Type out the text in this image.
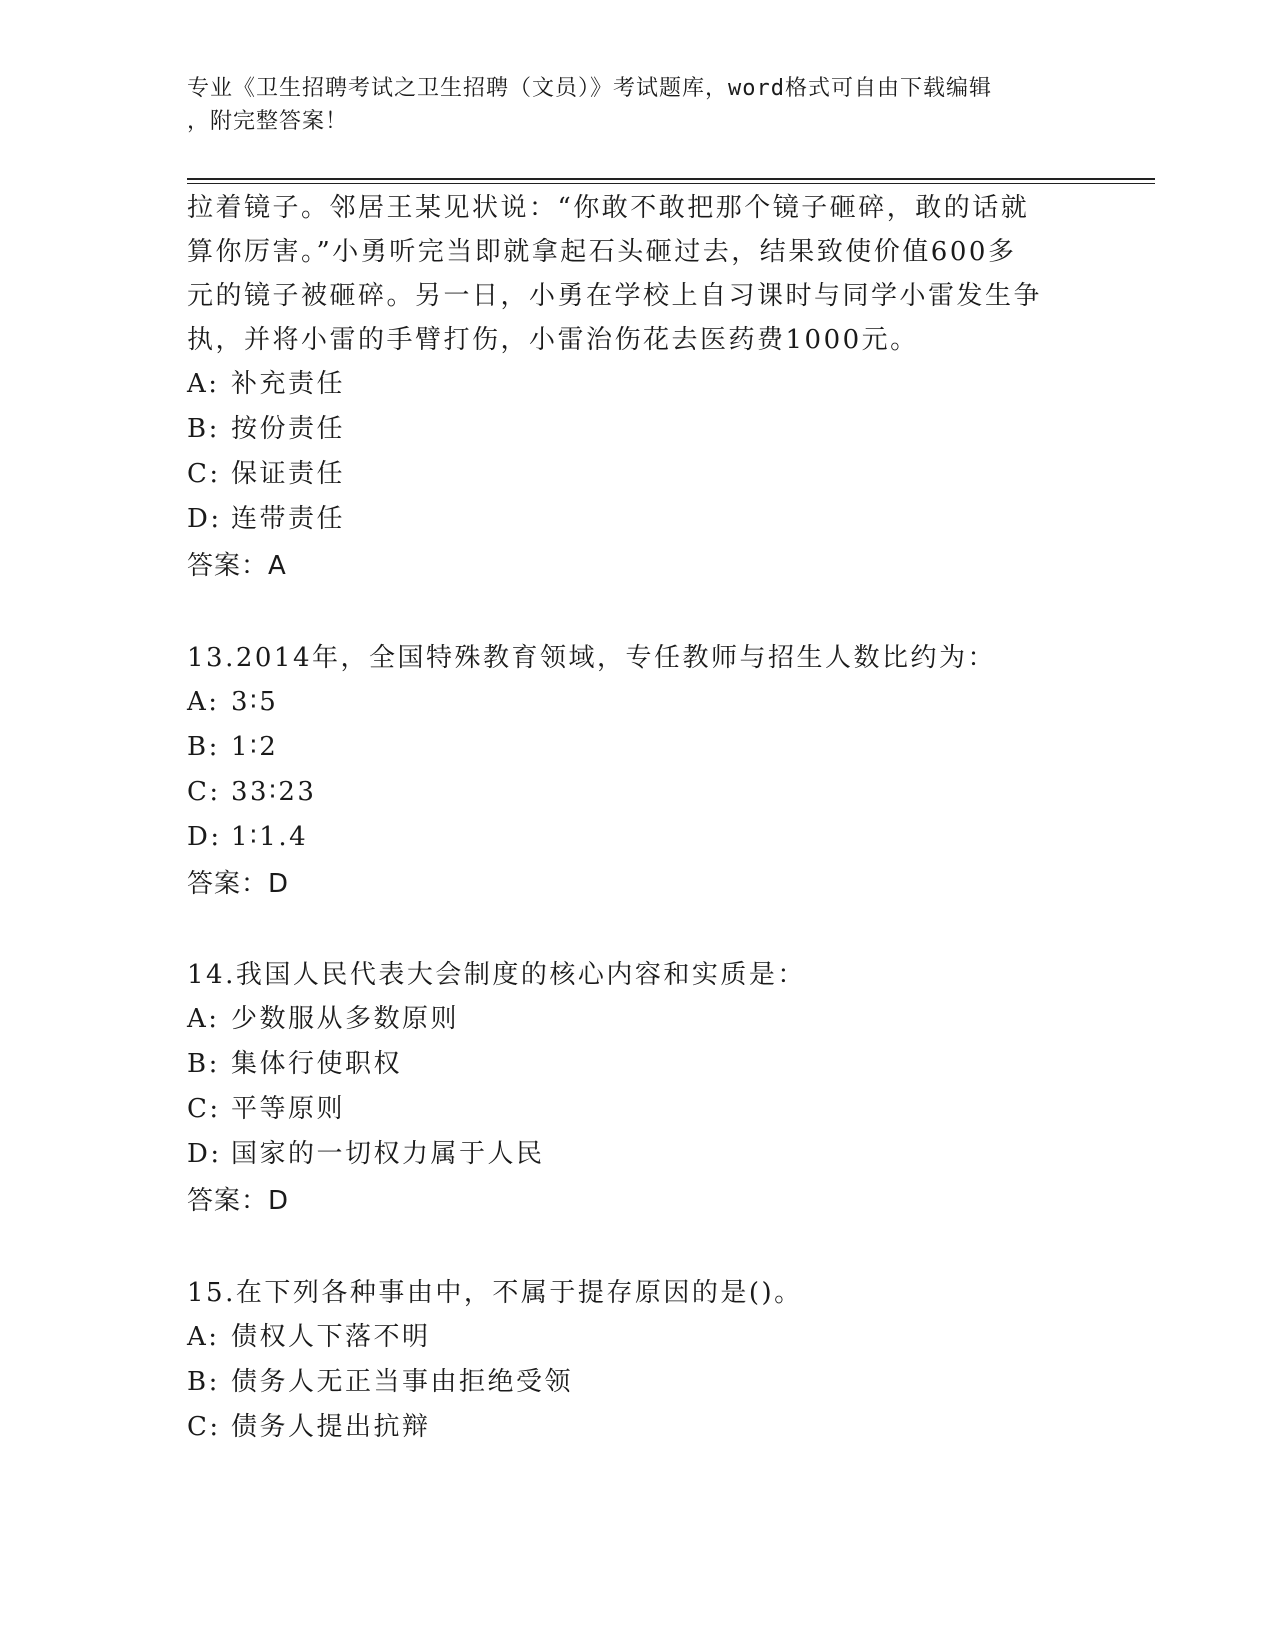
专业《卫生招聘考试之卫生招聘（文员）》考试题库，word格式可自由下载编辑
，附完整答案！
拉着镜子。邻居王某见状说：“你敢不敢把那个镜子砸碎，敢的话就
算你厉害。”小勇听完当即就拿起石头砸过去，结果致使价值600多
元的镜子被砸碎。另一日，小勇在学校上自习课时与同学小雷发生争
执，并将小雷的手臂打伤，小雷治伤花去医药费1000元。
A: 补充责任
B: 按份责任
C: 保证责任
D: 连带责任
答案：A
13.2014年，全国特殊教育领域，专任教师与招生人数比约为：
A: 3∶5
B: 1∶2
C: 33∶23
D: 1∶1.4
答案：D
14.我国人民代表大会制度的核心内容和实质是：
A: 少数服从多数原则
B: 集体行使职权
C: 平等原则
D: 国家的一切权力属于人民
答案：D
15.在下列各种事由中，不属于提存原因的是()。
A: 债权人下落不明
B: 债务人无正当事由拒绝受领
C: 债务人提出抗辩
